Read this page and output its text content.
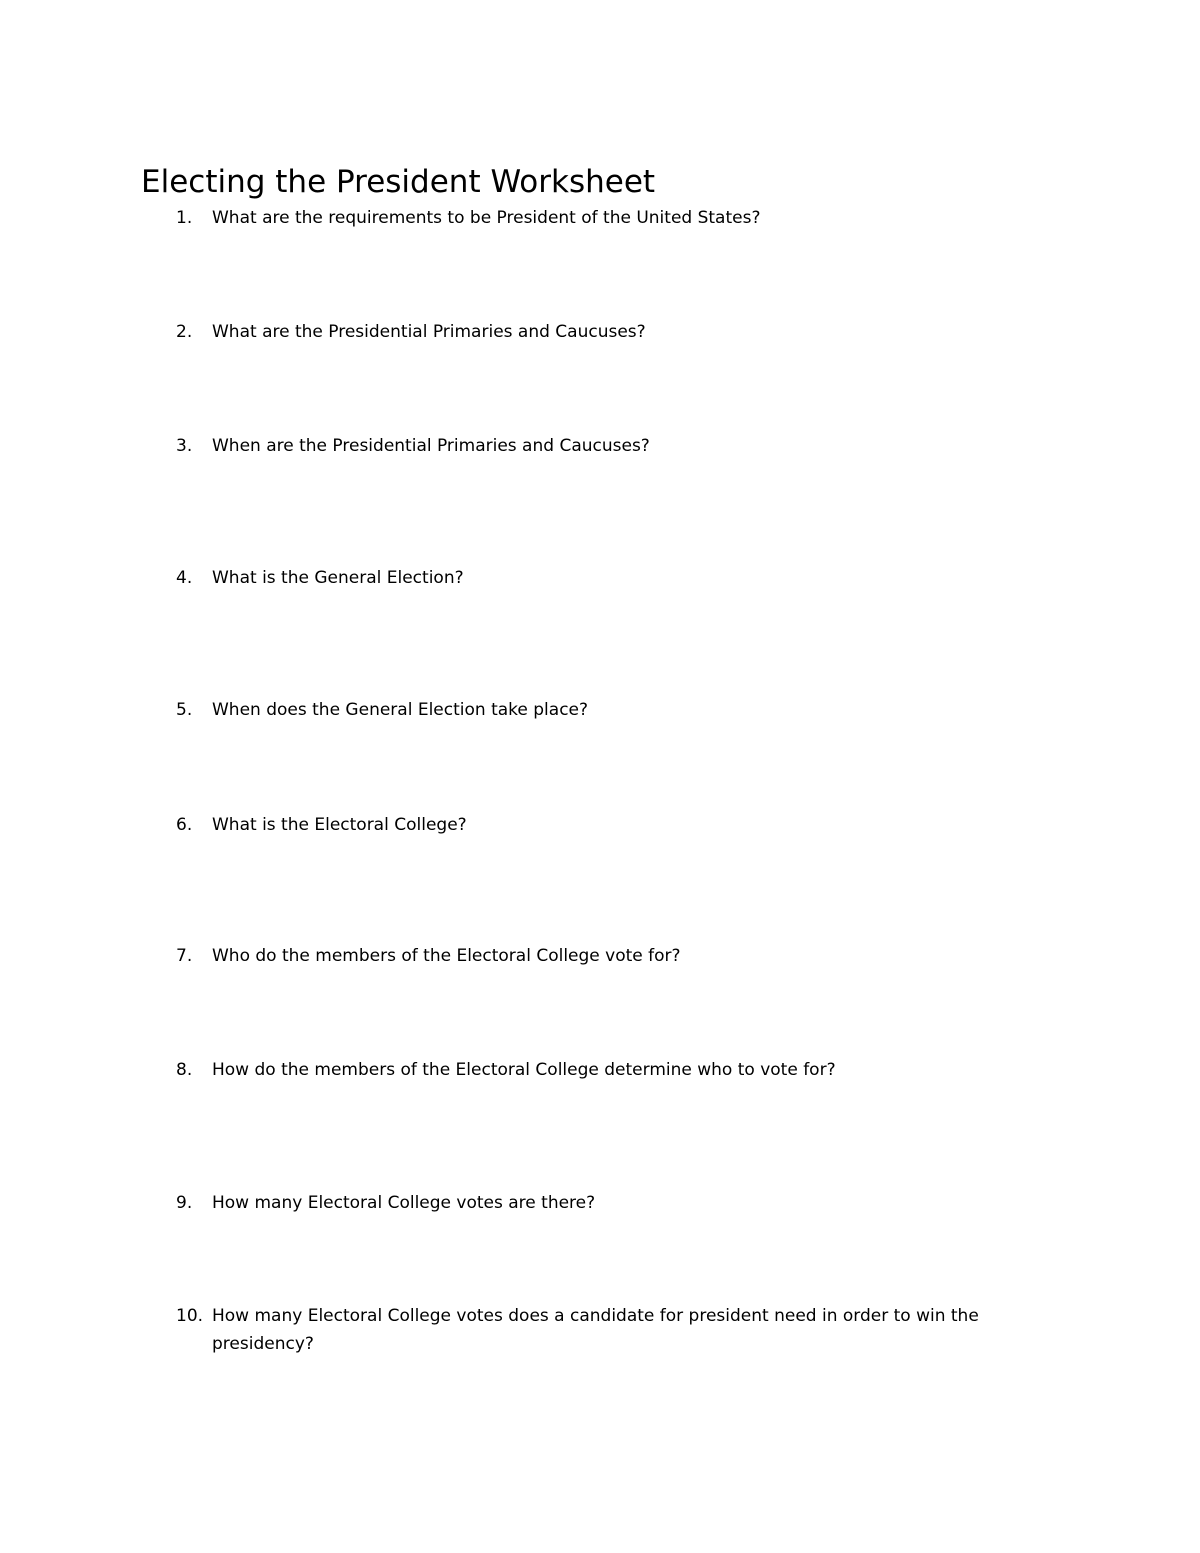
Electing the President Worksheet
1. What are the requirements to be President of the United States?
2. What are the Presidential Primaries and Caucuses?
3. When are the Presidential Primaries and Caucuses?
4. What is the General Election?
5. When does the General Election take place?
6. What is the Electoral College?
7. Who do the members of the Electoral College vote for?
8. How do the members of the Electoral College determine who to vote for?
9. How many Electoral College votes are there?
10. How many Electoral College votes does a candidate for president need in order to win the presidency?
